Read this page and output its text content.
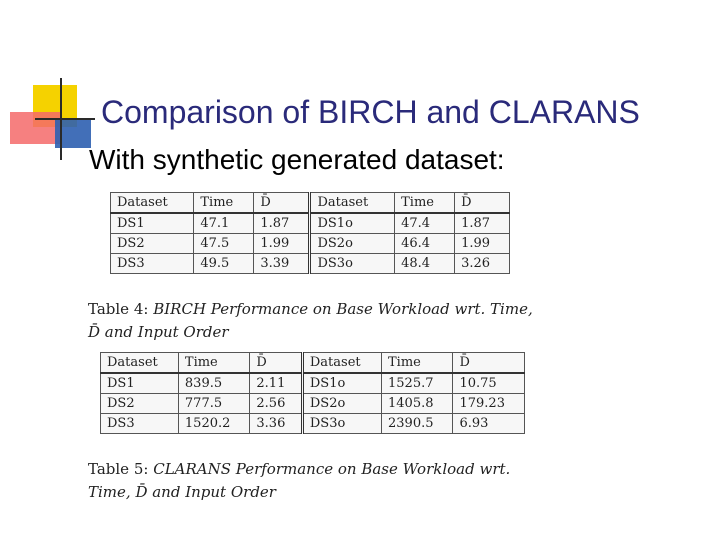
Comparison of BIRCH and CLARANS
With synthetic generated dataset:
Dataset	Time	D̄	Dataset	Time	D̄
DS1	47.1	1.87	DS1o	47.4	1.87
DS2	47.5	1.99	DS2o	46.4	1.99
DS3	49.5	3.39	DS3o	48.4	3.26
Table 4: BIRCH Performance on Base Workload wrt. Time, D̄ and Input Order
Dataset	Time	D̄	Dataset	Time	D̄
DS1	839.5	2.11	DS1o	1525.7	10.75
DS2	777.5	2.56	DS2o	1405.8	179.23
DS3	1520.2	3.36	DS3o	2390.5	6.93
Table 5: CLARANS Performance on Base Workload wrt. Time, D̄ and Input Order
